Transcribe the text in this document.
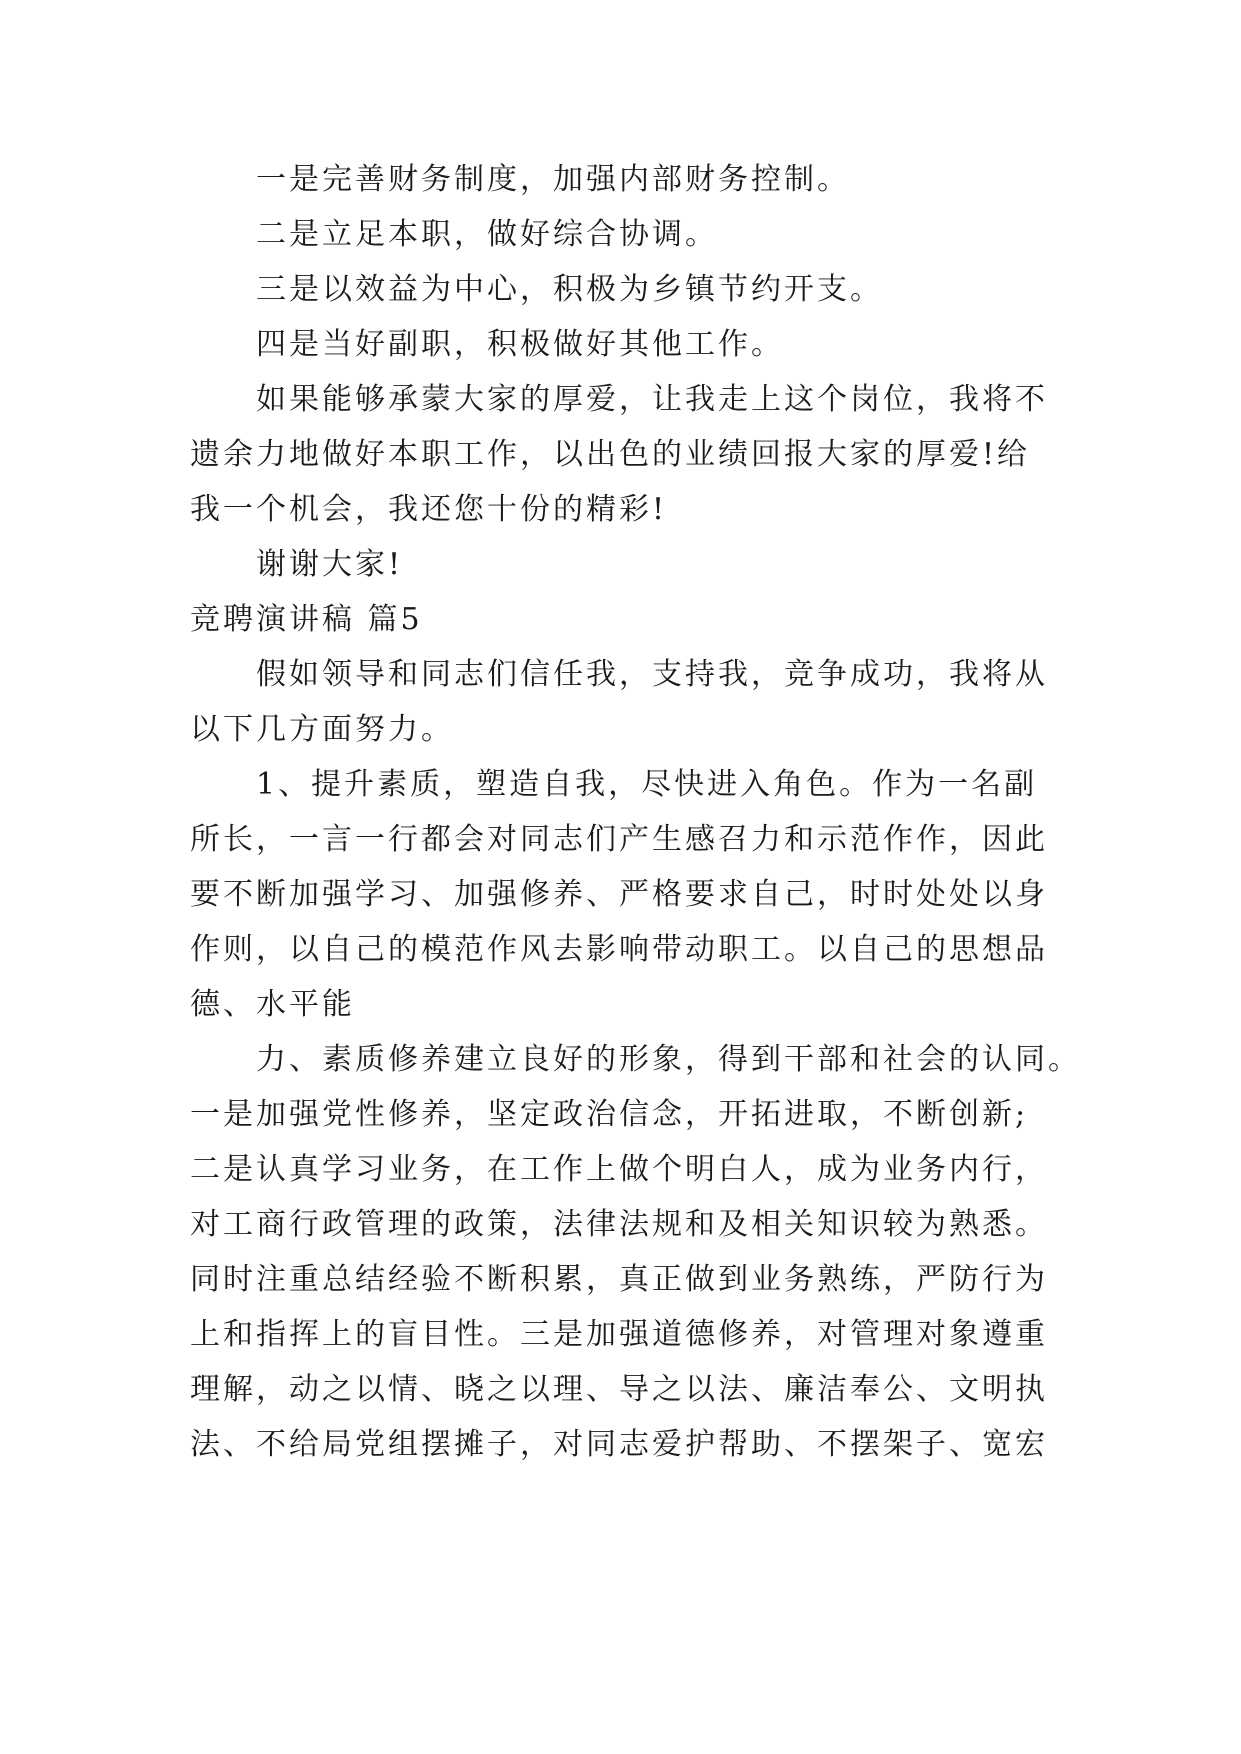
一是完善财务制度，加强内部财务控制。
二是立足本职，做好综合协调。
三是以效益为中心，积极为乡镇节约开支。
四是当好副职，积极做好其他工作。
如果能够承蒙大家的厚爱，让我走上这个岗位，我将不
遗余力地做好本职工作，以出色的业绩回报大家的厚爱!给
我一个机会，我还您十份的精彩!
谢谢大家!
竞聘演讲稿 篇5
假如领导和同志们信任我，支持我，竞争成功，我将从
以下几方面努力。
1、提升素质，塑造自我，尽快进入角色。作为一名副
所长，一言一行都会对同志们产生感召力和示范作作，因此
要不断加强学习、加强修养、严格要求自己，时时处处以身
作则，以自己的模范作风去影响带动职工。以自己的思想品
德、水平能
力、素质修养建立良好的形象，得到干部和社会的认同。
一是加强党性修养，坚定政治信念，开拓进取，不断创新;
二是认真学习业务，在工作上做个明白人，成为业务内行，
对工商行政管理的政策，法律法规和及相关知识较为熟悉。
同时注重总结经验不断积累，真正做到业务熟练，严防行为
上和指挥上的盲目性。三是加强道德修养，对管理对象遵重
理解，动之以情、晓之以理、导之以法、廉洁奉公、文明执
法、不给局党组摆摊子，对同志爱护帮助、不摆架子、宽宏
